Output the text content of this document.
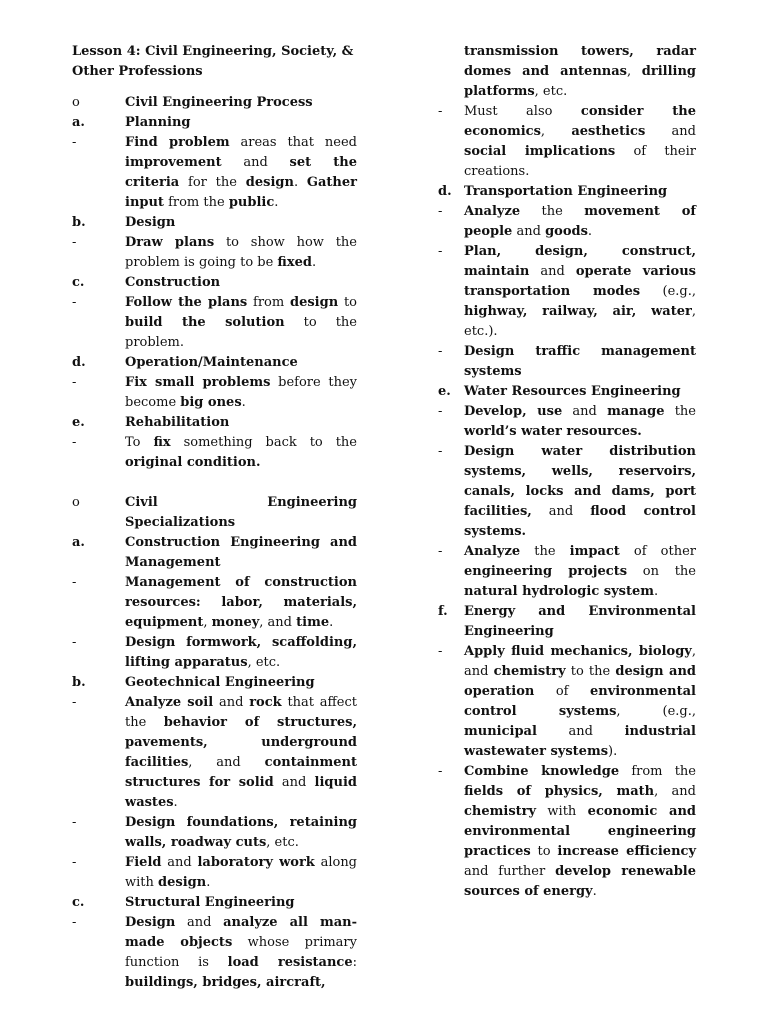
Lesson 4: Civil Engineering, Society, & Other Professions
o	Civil Engineering Process
a.	Planning
-	Find problem areas that need improvement and set the criteria for the design. Gather input from the public.
b.	Design
-	Draw plans to show how the problem is going to be fixed.
c.	Construction
-	Follow the plans from design to build the solution to the problem.
d.	Operation/Maintenance
-	Fix small problems before they become big ones.
e.	Rehabilitation
-	To fix something back to the original condition.
o	Civil Engineering Specializations
a.	Construction Engineering and Management
-	Management of construction resources: labor, materials, equipment, money, and time.
-	Design formwork, scaffolding, lifting apparatus, etc.
b.	Geotechnical Engineering
-	Analyze soil and rock that affect the behavior of structures, pavements, underground facilities, and containment structures for solid and liquid wastes.
-	Design foundations, retaining walls, roadway cuts, etc.
-	Field and laboratory work along with design.
c.	Structural Engineering
-	Design and analyze all man-made objects whose primary function is load resistance: buildings, bridges, aircraft,
transmission towers, radar domes and antennas, drilling platforms, etc.
-	Must also consider the economics, aesthetics and social implications of their creations.
d. Transportation Engineering
-	Analyze the movement of people and goods.
-	Plan, design, construct, maintain and operate various transportation modes (e.g., highway, railway, air, water, etc.).
-	Design traffic management systems
e.	Water Resources Engineering
-	Develop, use and manage the world’s water resources.
-	Design water distribution systems, wells, reservoirs, canals, locks and dams, port facilities, and flood control systems.
-	Analyze the impact of other engineering projects on the natural hydrologic system.
f.	Energy and Environmental Engineering
-	Apply fluid mechanics, biology, and chemistry to the design and operation of environmental control systems, (e.g., municipal and industrial wastewater systems).
-	Combine knowledge from the fields of physics, math, and chemistry with economic and environmental engineering practices to increase efficiency and further develop renewable sources of energy.
